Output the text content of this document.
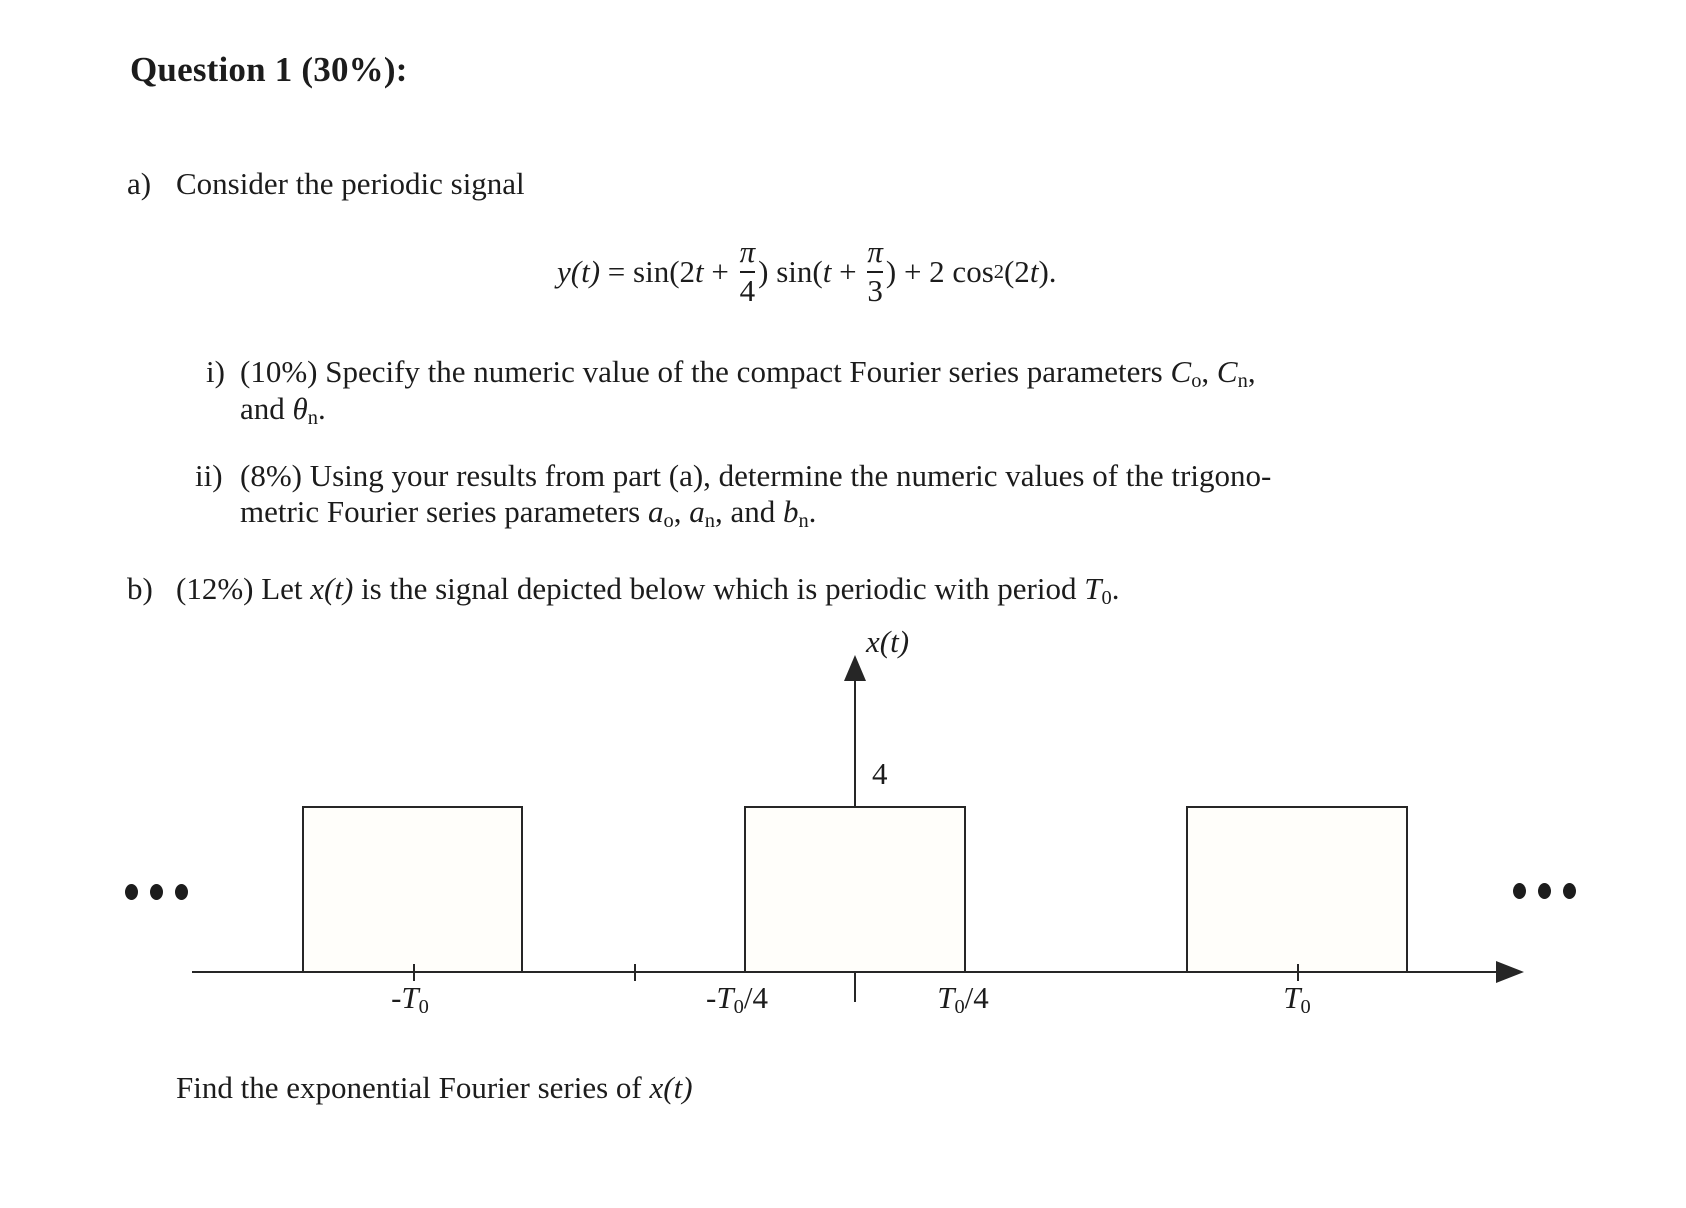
Question 1 (30%):
a) Consider the periodic signal
y(t) = sin(2 $t + \frac{\pi}{4}$ ) sin( $t + \frac{\pi}{3}$ ) + 2 cos 2 (2 t ).
i) (10%) Specify the numeric value of the compact Fourier series parameters Co, Cn,
and θn.
ii) (8%) Using your results from part (a), determine the numeric values of the trigono-
metric Fourier series parameters ao, an, and bn.
b) (12%) Let x(t) is the signal depicted below which is periodic with period T0.
x(t)
4
-T0	-T0/4	T0/4	T0
Find the exponential Fourier series of x(t)
